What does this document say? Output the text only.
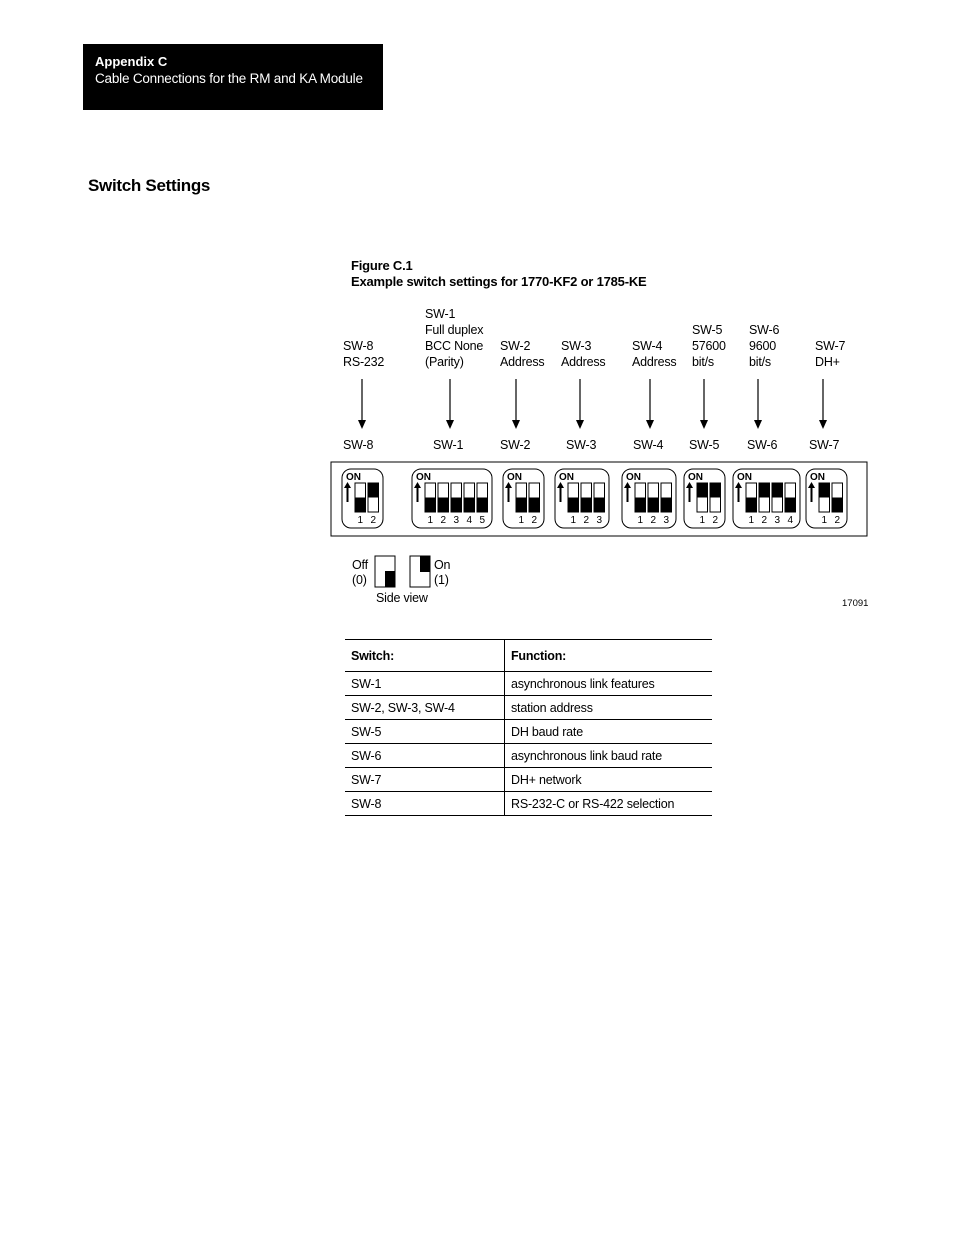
Appendix C
Cable Connections for the RM and KA Module
Switch Settings
Figure C.1
Example switch settings for 1770-KF2 or 1785-KE
SW-8
RS-232
SW-1
Full duplex
BCC None
(Parity)
SW-2
Address
SW-3
Address
SW-4
Address
SW-5
57600
bit/s
SW-6
9600
bit/s
SW-7
DH+
SW-8	SW-1	SW-2	SW-3	SW-4 SW-5 SW-6	SW-7
ON
1 2
ON
1 2 3 4 5
ON
1 2
ON
1 2 3
ON
1 2 3
ON
1 2
ON
1 2 3 4
ON
1 2
Off
(0)
On
(1)
Side view	17091
Switch:	Function:
SW-1	asynchronous link features
SW-2, SW-3, SW-4	station address
SW-5	DH baud rate
SW-6	asynchronous link baud rate
SW-7	DH+ network
SW-8	RS-232-C or RS-422 selection
